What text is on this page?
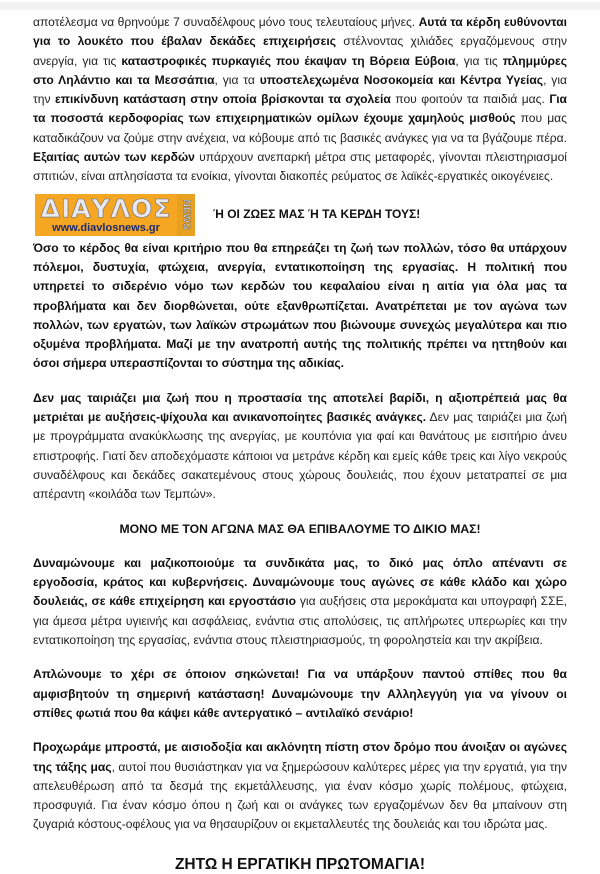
αποτέλεσμα να θρηνούμε 7 συναδέλφους μόνο τους τελευταίους μήνες. Αυτά τα κέρδη ευθύνονται για το λουκέτο που έβαλαν δεκάδες επιχειρήσεις στέλνοντας χιλιάδες εργαζόμενους στην ανεργία, για τις καταστροφικές πυρκαγιές που έκαψαν τη Βόρεια Εύβοια, για τις πλημμύρες στο Ληλάντιο και τα Μεσσάπια, για τα υποστελεχωμένα Νοσοκομεία και Κέντρα Υγείας, για την επικίνδυνη κατάσταση στην οποία βρίσκονται τα σχολεία που φοιτούν τα παιδιά μας. Για τα ποσοστά κερδοφορίας των επιχειρηματικών ομίλων έχουμε χαμηλούς μισθούς που μας καταδικάζουν να ζούμε στην ανέχεια, να κόβουμε από τις βασικές ανάγκες για να τα βγάζουμε πέρα. Εξαιτίας αυτών των κερδών υπάρχουν ανεπαρκή μέτρα στις μεταφορές, γίνονται πλειστηριασμοί σπιτιών, είναι απλησίαστα τα ενοίκια, γίνονται διακοπές ρεύματος σε λαϊκές-εργατικές οικογένειες.

ΔΙΑΥΛΟΣ
www.diavlosnews.gr	NEWS	Ή ΟΙ ΖΩΕΣ ΜΑΣ Ή ΤΑ ΚΕΡΔΗ ΤΟΥΣ!

Όσο το κέρδος θα είναι κριτήριο που θα επηρεάζει τη ζωή των πολλών, τόσο θα υπάρχουν πόλεμοι, δυστυχία, φτώχεια, ανεργία, εντατικοποίηση της εργασίας. Η πολιτική που υπηρετεί το σιδερένιο νόμο των κερδών του κεφαλαίου είναι η αιτία για όλα μας τα προβλήματα και δεν διορθώνεται, ούτε εξανθρωπίζεται. Ανατρέπεται με τον αγώνα των πολλών, των εργατών, των λαϊκών στρωμάτων που βιώνουμε συνεχώς μεγαλύτερα και πιο οξυμένα προβλήματα. Μαζί με την ανατροπή αυτής της πολιτικής πρέπει να ηττηθούν και όσοι σήμερα υπερασπίζονται το σύστημα της αδικίας.

Δεν μας ταιριάζει μια ζωή που η προστασία της αποτελεί βαρίδι, η αξιοπρέπειά μας θα μετριέται με αυξήσεις-ψίχουλα και ανικανοποίητες βασικές ανάγκες. Δεν μας ταιριάζει μια ζωή με προγράμματα ανακύκλωσης της ανεργίας, με κουπόνια για φαί και θανάτους με εισιτήριο άνευ επιστροφής. Γιατί δεν αποδεχόμαστε κάποιοι να μετράνε κέρδη και εμείς κάθε τρεις και λίγο νεκρούς συναδέλφους και δεκάδες σακατεμένους στους χώρους δουλειάς, που έχουν μετατραπεί σε μια απέραντη «κοιλάδα των Τεμπών».

ΜΟΝΟ ΜΕ ΤΟΝ ΑΓΩΝΑ ΜΑΣ ΘΑ ΕΠΙΒΑΛΟΥΜΕ ΤΟ ΔΙΚΙΟ ΜΑΣ!

Δυναμώνουμε και μαζικοποιούμε τα συνδικάτα μας, το δικό μας όπλο απέναντι σε εργοδοσία, κράτος και κυβερνήσεις. Δυναμώνουμε τους αγώνες σε κάθε κλάδο και χώρο δουλειάς, σε κάθε επιχείρηση και εργοστάσιο για αυξήσεις στα μεροκάματα και υπογραφή ΣΣΕ, για άμεσα μέτρα υγιεινής και ασφάλειας, ενάντια στις απολύσεις, τις απλήρωτες υπερωρίες και την εντατικοποίηση της εργασίας, ενάντια στους πλειστηριασμούς, τη φοροληστεία και την ακρίβεια.

Απλώνουμε το χέρι σε όποιον σηκώνεται! Για να υπάρξουν παντού σπίθες που θα αμφισβητούν τη σημερινή κατάσταση! Δυναμώνουμε την Αλληλεγγύη για να γίνουν οι σπίθες φωτιά που θα κάψει κάθε αντεργατικό – αντιλαϊκό σενάριο!

Προχωράμε μπροστά, με αισιοδοξία και ακλόνητη πίστη στον δρόμο που άνοιξαν οι αγώνες της τάξης μας, αυτοί που θυσιάστηκαν για να ξημερώσουν καλύτερες μέρες για την εργατιά, για την απελευθέρωση από τα δεσμά της εκμετάλλευσης, για έναν κόσμο χωρίς πολέμους, φτώχεια, προσφυγιά. Για έναν κόσμο όπου η ζωή και οι ανάγκες των εργαζομένων δεν θα μπαίνουν στη ζυγαριά κόστους-οφέλους για να θησαυρίζουν οι εκμεταλλευτές της δουλειάς και του ιδρώτα μας.

ΖΗΤΩ Η ΕΡΓΑΤΙΚΗ ΠΡΩΤΟΜΑΓΙΑ!
